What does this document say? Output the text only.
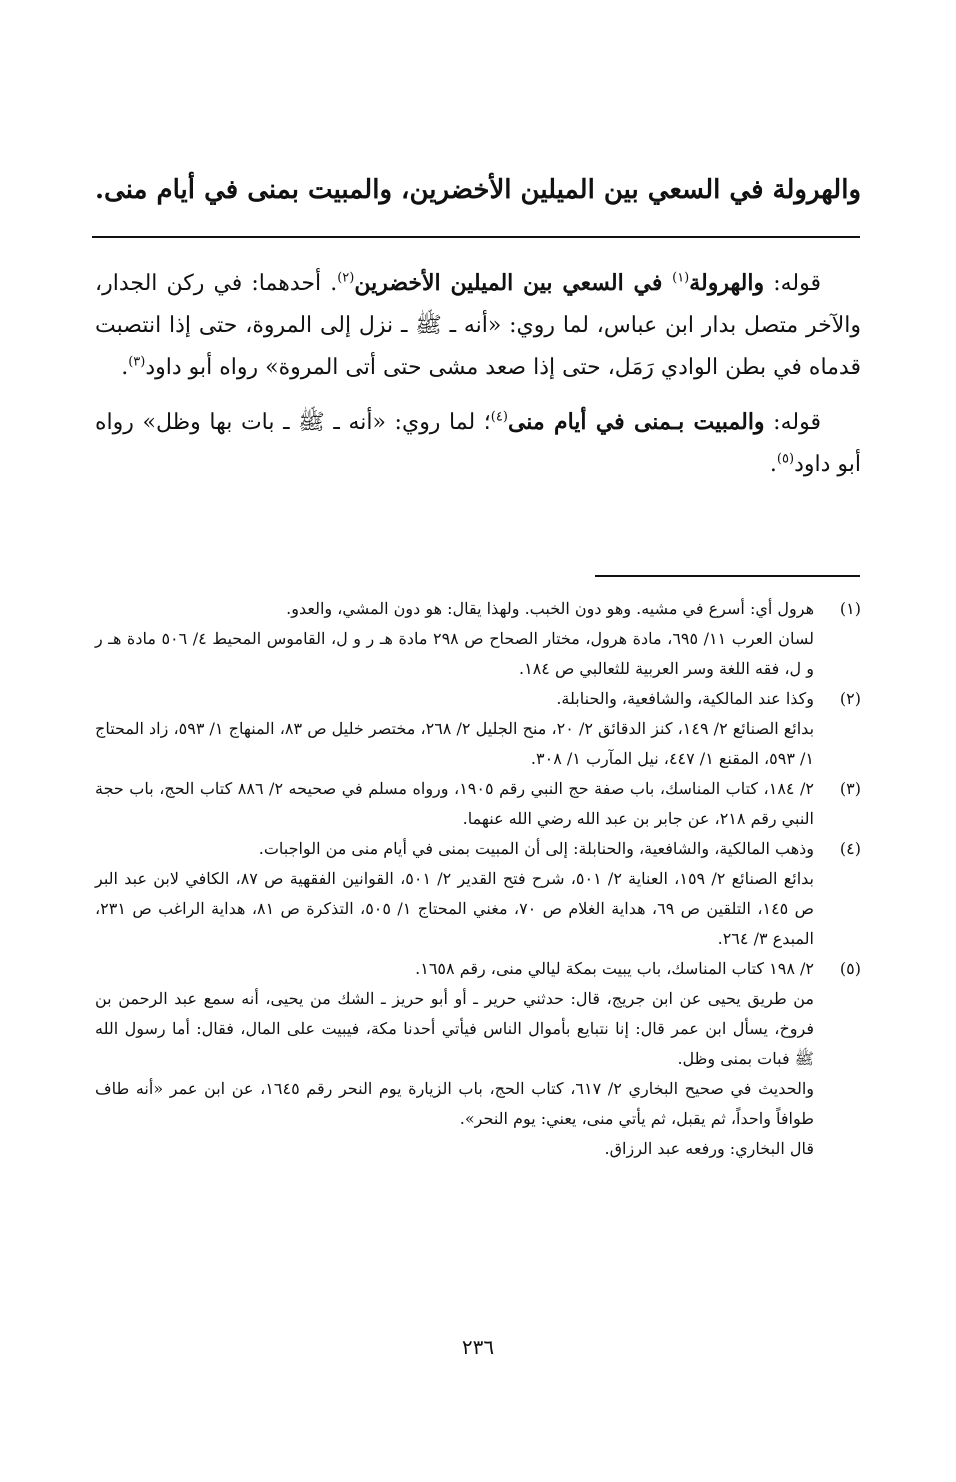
والهرولة في السعي بين الميلين الأخضرين، والمبيت بمنى في أيام منى.

قوله: والهرولة$^{(١)}$ في السعي بين الميلين الأخضرين$^{(٢)}$. أحدهما: في ركن الجدار، والآخر متصل بدار ابن عباس، لما روي: «أنه ـ ﷺ ـ نزل إلى المروة، حتى إذا انتصبت قدماه في بطن الوادي رَمَل، حتى إذا صعد مشى حتى أتى المروة» رواه أبو داود$^{(٣)}$.

قوله: والمبيت بـمنى في أيام منى$^{(٤)}$؛ لما روي: «أنه ـ ﷺ ـ بات بها وظل» رواه أبو داود$^{(٥)}$.

(١)
هرول أي: أسرع في مشيه. وهو دون الخبب. ولهذا يقال: هو دون المشي، والعدو.
لسان العرب ١١/ ٦٩٥، مادة هرول، مختار الصحاح ص ٢٩٨ مادة هـ ر و ل، القاموس المحيط ٤/ ٥٠٦ مادة هـ ر و ل، فقه اللغة وسر العربية للثعالبي ص ١٨٤.
(٢)
وكذا عند المالكية، والشافعية، والحنابلة.
بدائع الصنائع ٢/ ١٤٩، كنز الدقائق ٢/ ٢٠، منح الجليل ٢/ ٢٦٨، مختصر خليل ص ٨٣، المنهاج ١/ ٥٩٣، زاد المحتاج ١/ ٥٩٣، المقنع ١/ ٤٤٧، نيل المآرب ١/ ٣٠٨.
(٣)
٢/ ١٨٤، كتاب المناسك، باب صفة حج النبي رقم ١٩٠٥، ورواه مسلم في صحيحه ٢/ ٨٨٦ كتاب الحج، باب حجة النبي رقم ٢١٨، عن جابر بن عبد الله رضي الله عنهما.
(٤)
وذهب المالكية، والشافعية، والحنابلة: إلى أن المبيت بمنى في أيام منى من الواجبات.
بدائع الصنائع ٢/ ١٥٩، العناية ٢/ ٥٠١، شرح فتح القدير ٢/ ٥٠١، القوانين الفقهية ص ٨٧، الكافي لابن عبد البر ص ١٤٥، التلقين ص ٦٩، هداية الغلام ص ٧٠، مغني المحتاج ١/ ٥٠٥، التذكرة ص ٨١، هداية الراغب ص ٢٣١، المبدع ٣/ ٢٦٤.
(٥)
٢/ ١٩٨ كتاب المناسك، باب يبيت بمكة ليالي منى، رقم ١٦٥٨.
من طريق يحيى عن ابن جريج، قال: حدثني حرير ـ أو أبو حريز ـ الشك من يحيى، أنه سمع عبد الرحمن بن فروخ، يسأل ابن عمر قال: إنا نتبايع بأموال الناس فيأتي أحدنا مكة، فيبيت على المال، فقال: أما رسول الله ﷺ فبات بمنى وظل.
والحديث في صحيح البخاري ٢/ ٦١٧، كتاب الحج، باب الزيارة يوم النحر رقم ١٦٤٥، عن ابن عمر «أنه طاف طوافاً واحداً، ثم يقبل، ثم يأتي منى، يعني: يوم النحر».
قال البخاري: ورفعه عبد الرزاق.
٢٣٦
